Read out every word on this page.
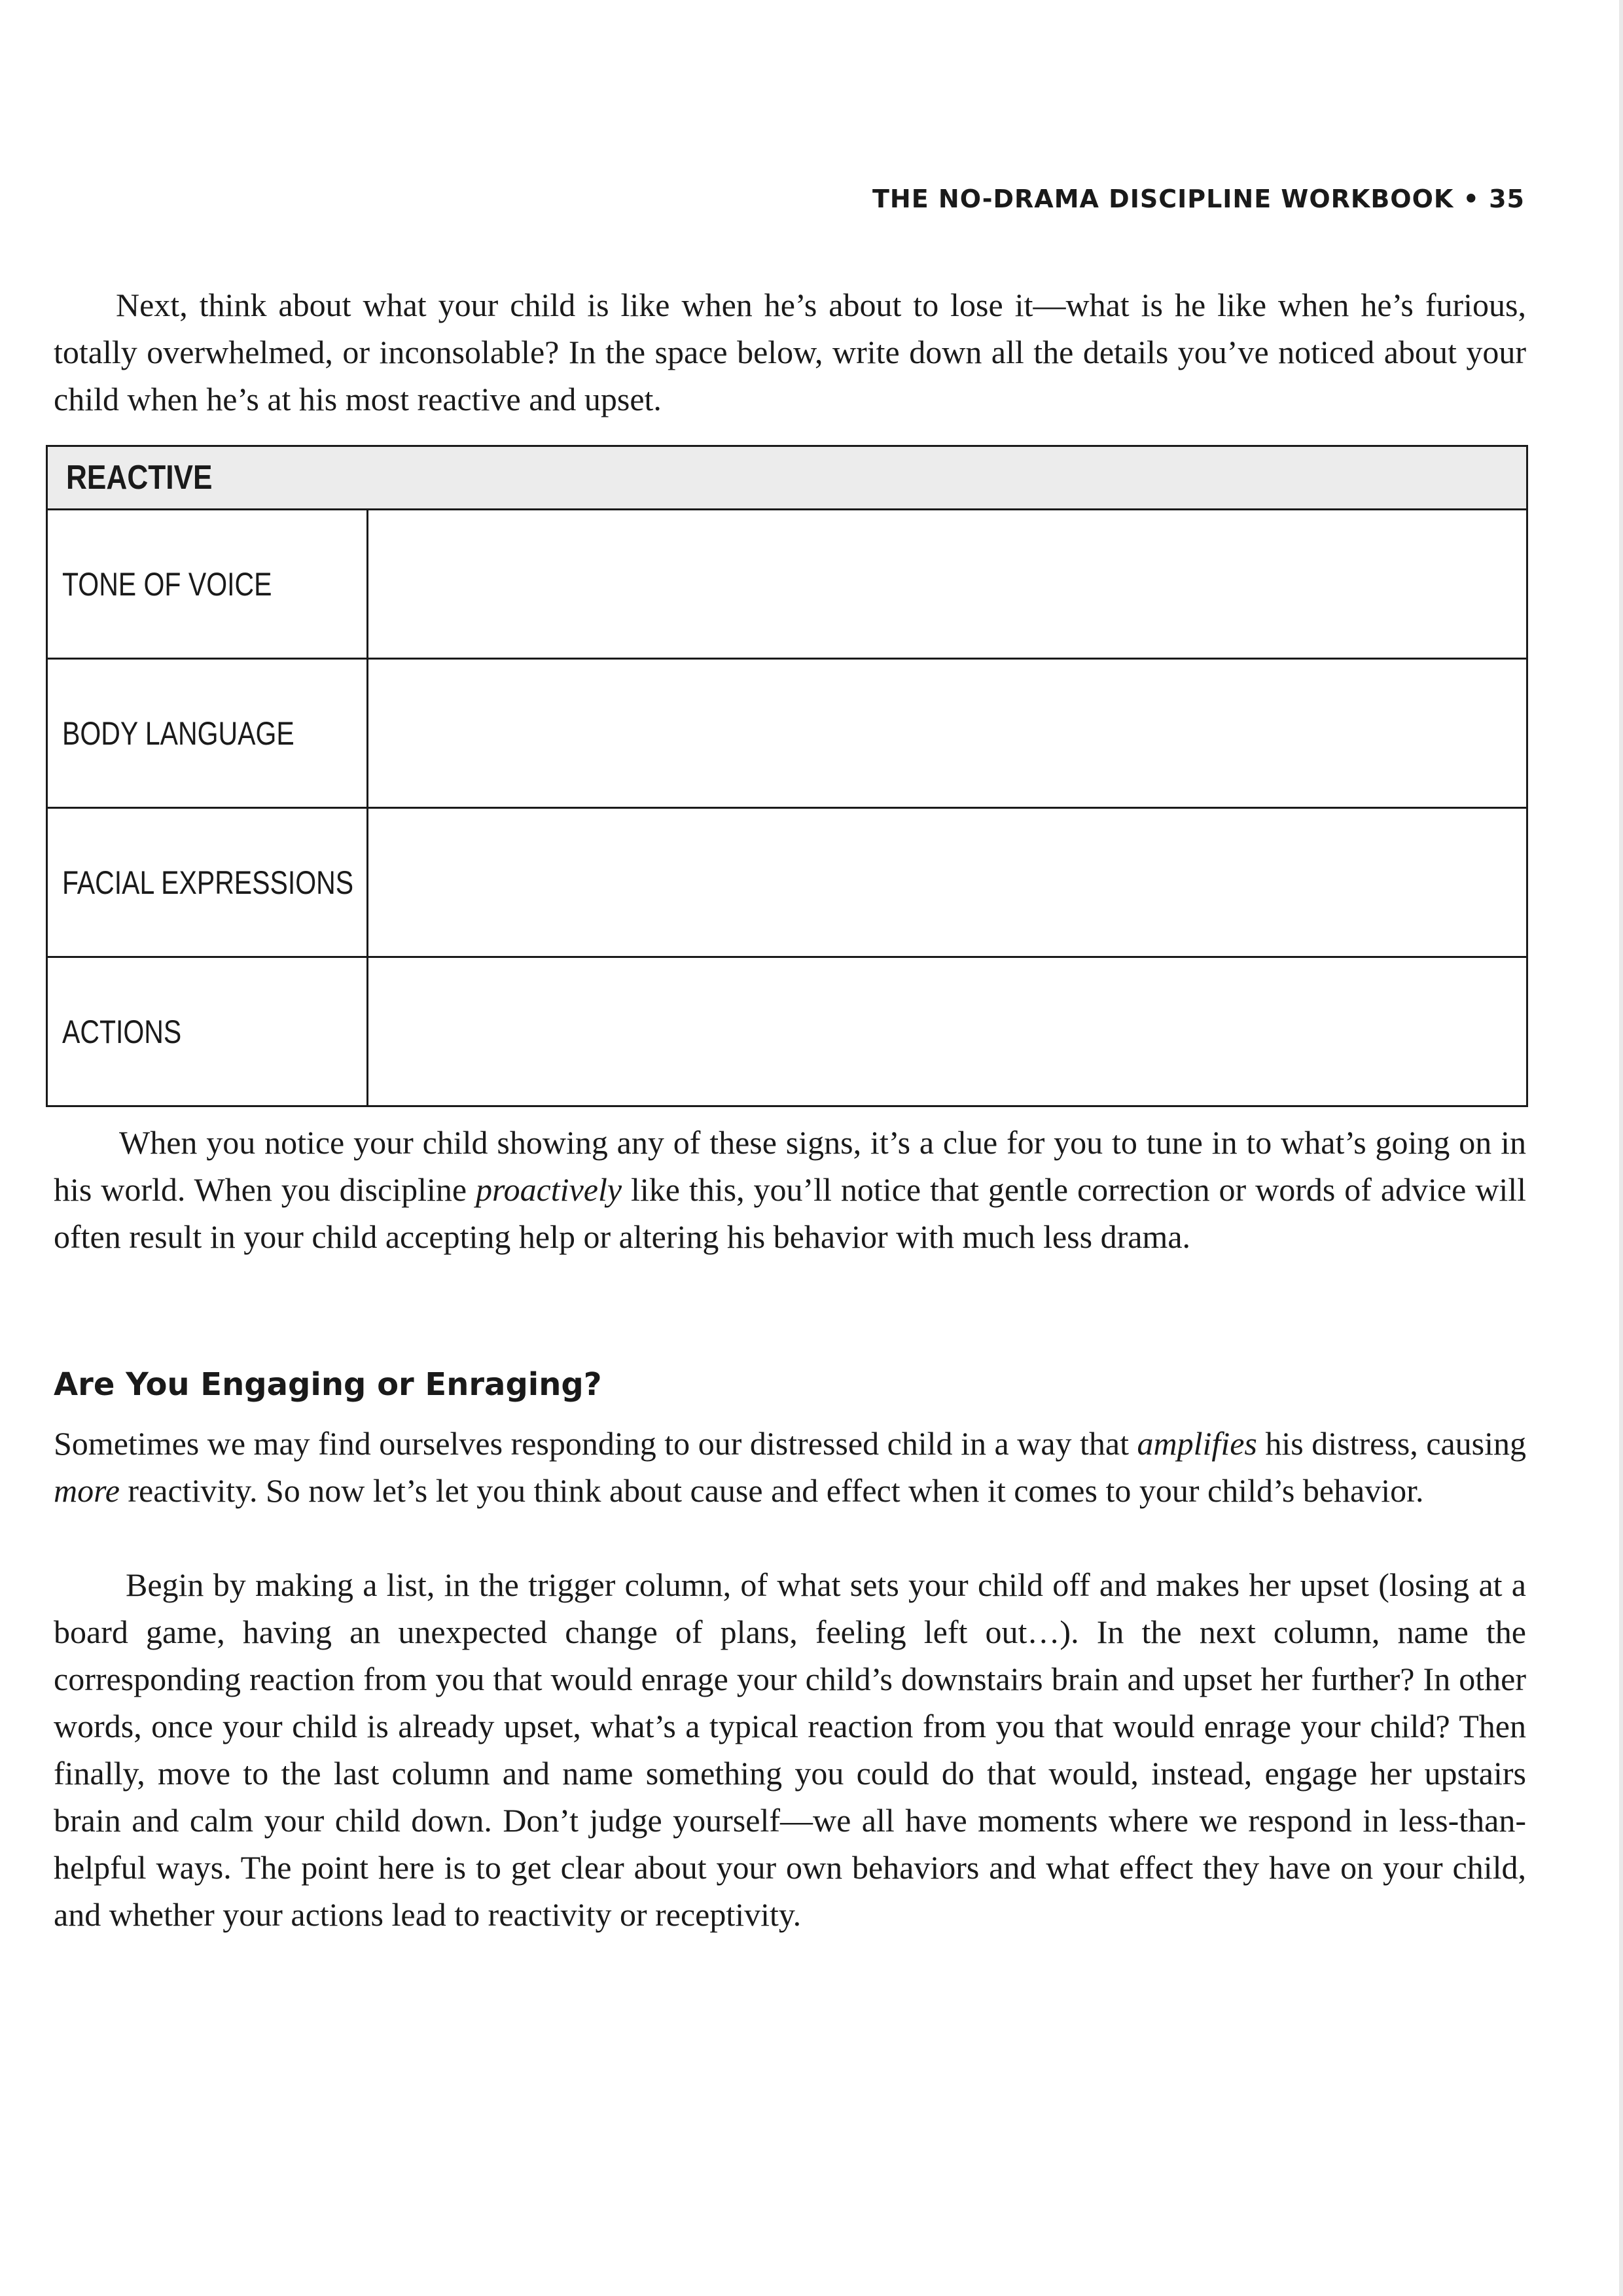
THE NO-DRAMA DISCIPLINE WORKBOOK • 35

Next, think about what your child is like when he’s about to lose it—what is he like when he’s furious, totally overwhelmed, or inconsolable? In the space below, write down all the details you’ve noticed about your child when he’s at his most reactive and upset.

REACTIVE
TONE OF VOICE
BODY LANGUAGE
FACIAL EXPRESSIONS
ACTIONS

When you notice your child showing any of these signs, it’s a clue for you to tune in to what’s going on in his world. When you discipline proactively like this, you’ll notice that gentle correction or words of advice will often result in your child accepting help or altering his behavior with much less drama.

Are You Engaging or Enraging?

Sometimes we may find ourselves responding to our distressed child in a way that amplifies his distress, causing more reactivity. So now let’s let you think about cause and effect when it comes to your child’s behavior.

Begin by making a list, in the trigger column, of what sets your child off and makes her upset (losing at a board game, having an unexpected change of plans, feeling left out…). In the next column, name the corresponding reaction from you that would enrage your child’s downstairs brain and upset her further? In other words, once your child is already upset, what’s a typical reaction from you that would enrage your child? Then finally, move to the last column and name something you could do that would, instead, engage her upstairs brain and calm your child down. Don’t judge yourself—we all have moments where we respond in less-than-helpful ways. The point here is to get clear about your own behaviors and what effect they have on your child, and whether your actions lead to reactivity or receptivity.
